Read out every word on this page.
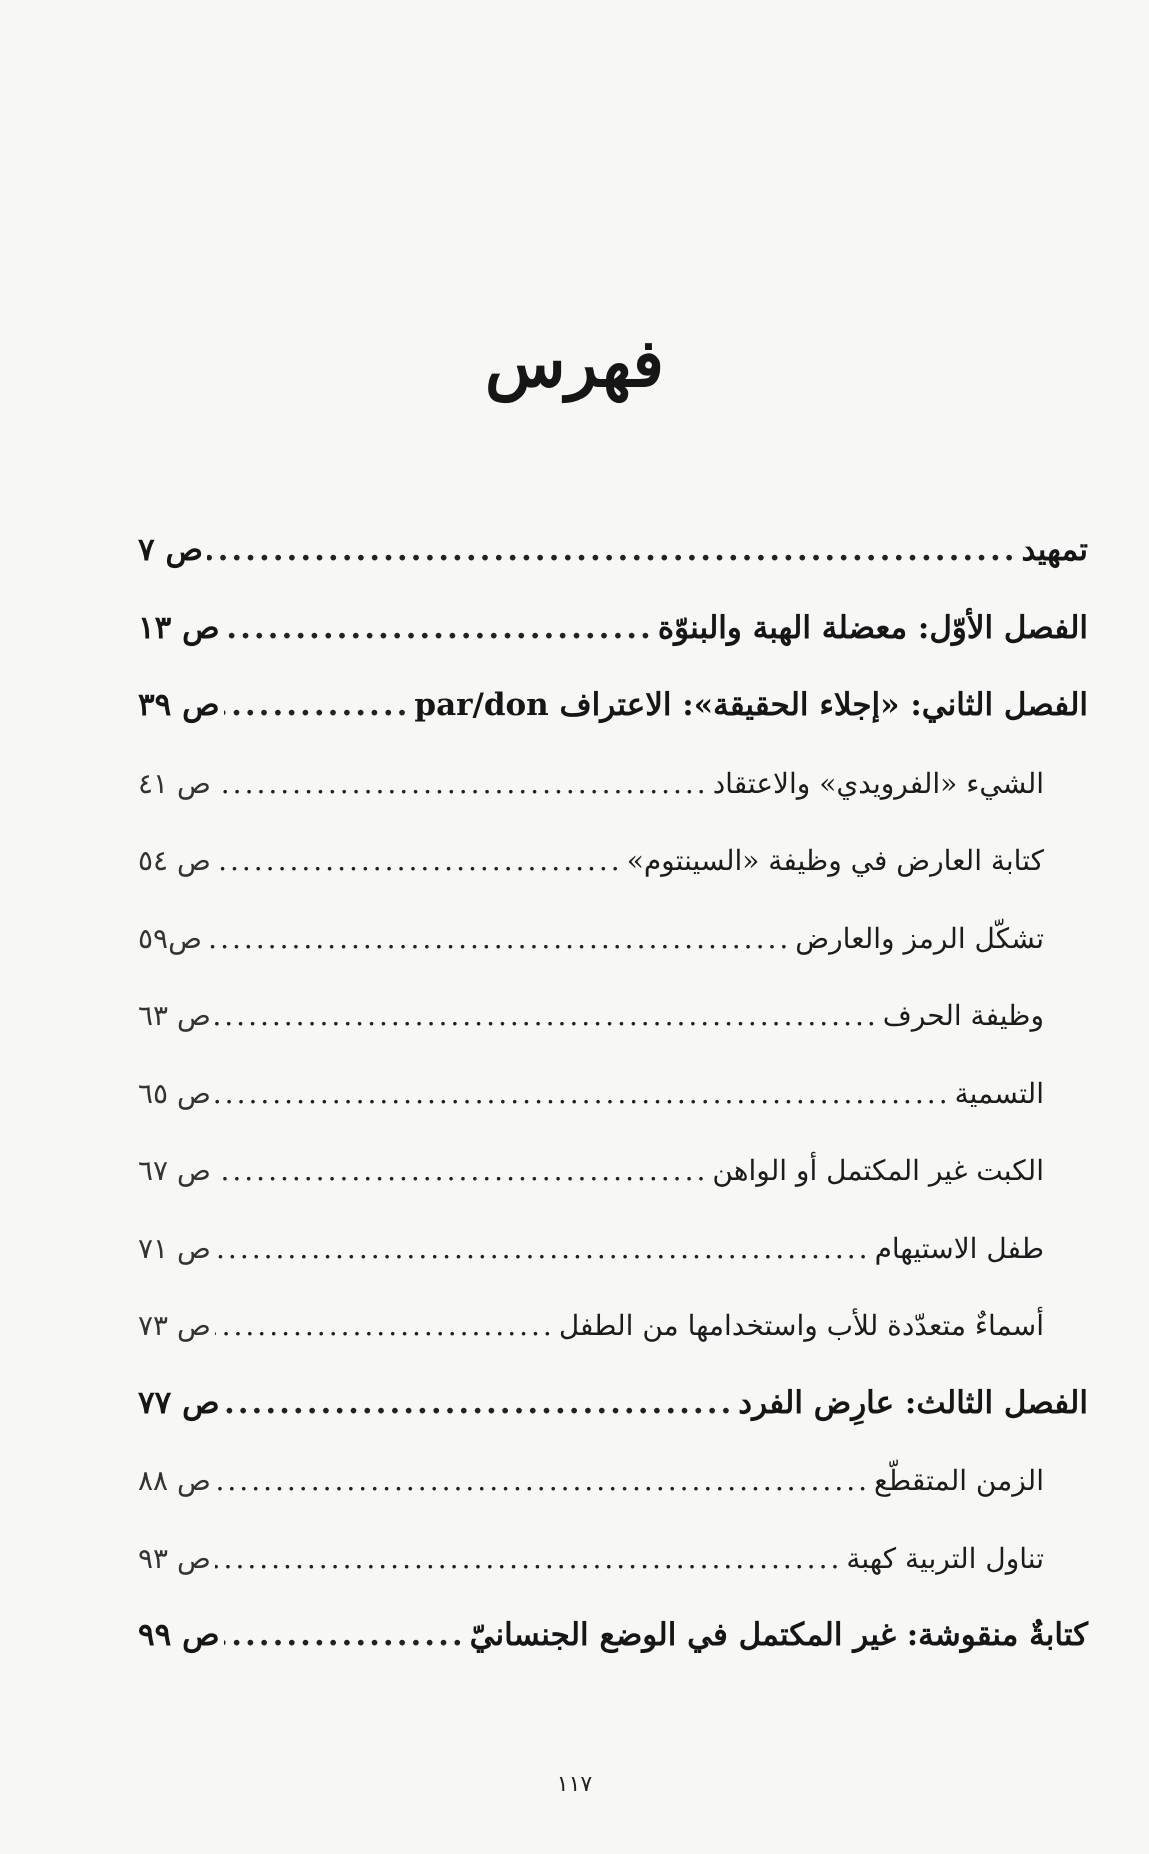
فهرس
تمهيد
.....
ص ٧
الفصل الأوّل: معضلة الهبة والبنوّة
.....
ص ١٣
الفصل الثاني: «إجلاء الحقيقة»: الاعتراف par/don
.....
ص ٣٩
الشيء «الفرويدي» والاعتقاد
.....
ص ٤١
كتابة العارض في وظيفة «السينتوم»
.....
ص ٥٤
تشكّل الرمز والعارض
.....
ص٥٩
وظيفة الحرف
.....
ص ٦٣
التسمية
.....
ص ٦٥
الكبت غير المكتمل أو الواهن
.....
ص ٦٧
طفل الاستيهام
.....
ص ٧١
أسماءٌ متعدّدة للأب واستخدامها من الطفل
.....
ص ٧٣
الفصل الثالث: عارِض الفرد
.....
ص ٧٧
الزمن المتقطّع
.....
ص ٨٨
تناول التربية كهبة
.....
ص ٩٣
كتابةٌ منقوشة: غير المكتمل في الوضع الجنسانيّ
.....
ص ٩٩
١١٧
